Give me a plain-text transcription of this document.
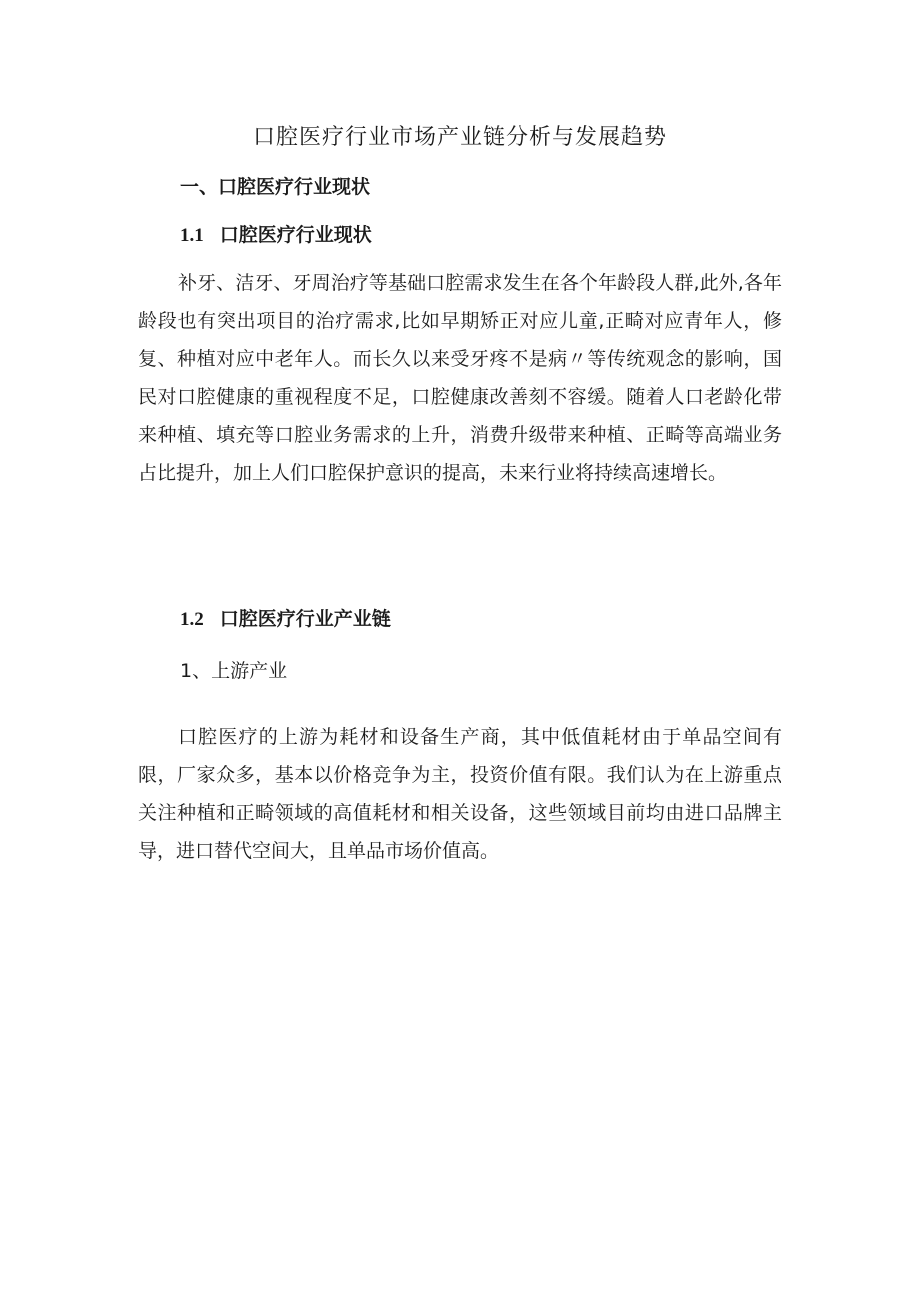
口腔医疗行业市场产业链分析与发展趋势
一、口腔医疗行业现状
1.1 口腔医疗行业现状

补牙、洁牙、牙周治疗等基础口腔需求发生在各个年龄段人群,此外,各年龄段也有突出项目的治疗需求,比如早期矫正对应儿童,正畸对应青年人，修复、种植对应中老年人。而长久以来受牙疼不是病〃等传统观念的影响，国民对口腔健康的重视程度不足，口腔健康改善刻不容缓。随着人口老龄化带来种植、填充等口腔业务需求的上升，消费升级带来种植、正畸等高端业务占比提升，加上人们口腔保护意识的提高，未来行业将持续高速增长。

1.2 口腔医疗行业产业链
1、上游产业

口腔医疗的上游为耗材和设备生产商，其中低值耗材由于单品空间有限，厂家众多，基本以价格竞争为主，投资价值有限。我们认为在上游重点关注种植和正畸领域的高值耗材和相关设备，这些领域目前均由进口品牌主导，进口替代空间大，且单品市场价值高。
